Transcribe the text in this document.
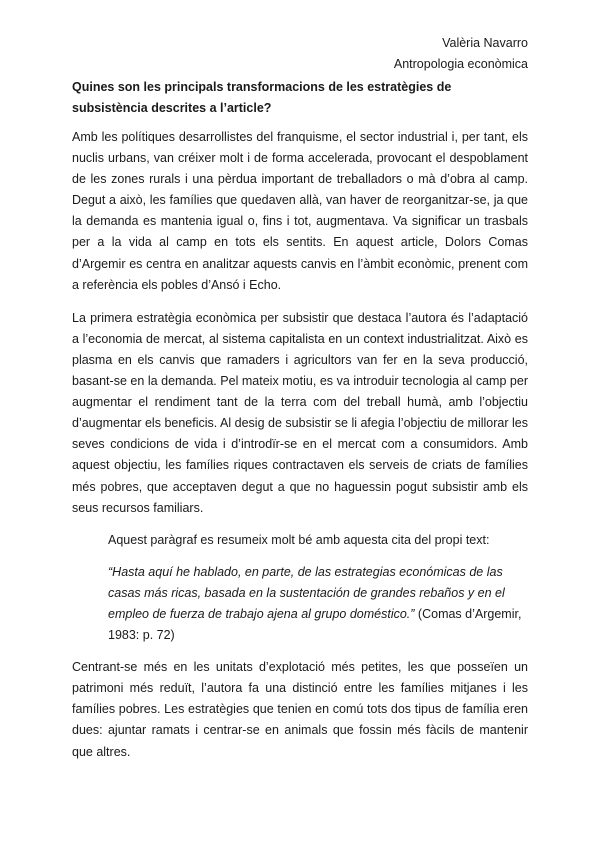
Valèria Navarro
Antropologia econòmica
Quines son les principals transformacions de les estratègies de subsistència descrites a l’article?

Amb les polítiques desarrollistes del franquisme, el sector industrial i, per tant, els nuclis urbans, van créixer molt i de forma accelerada, provocant el despoblament de les zones rurals i una pèrdua important de treballadors o mà d’obra al camp. Degut a això, les famílies que quedaven allà, van haver de reorganitzar-se, ja que la demanda es mantenia igual o, fins i tot, augmentava. Va significar un trasbals per a la vida al camp en tots els sentits. En aquest article, Dolors Comas d’Argemir es centra en analitzar aquests canvis en l’àmbit econòmic, prenent com a referència els pobles d’Ansó i Echo.

La primera estratègia econòmica per subsistir que destaca l’autora és l’adaptació a l’economia de mercat, al sistema capitalista en un context industrialitzat. Això es plasma en els canvis que ramaders i agricultors van fer en la seva producció, basant-se en la demanda. Pel mateix motiu, es va introduir tecnologia al camp per augmentar el rendiment tant de la terra com del treball humà, amb l’objectiu d’augmentar els beneficis. Al desig de subsistir se li afegia l’objectiu de millorar les seves condicions de vida i d’introdïr-se en el mercat com a consumidors. Amb aquest objectiu, les famílies riques contractaven els serveis de criats de famílies més pobres, que acceptaven degut a que no haguessin pogut subsistir amb els seus recursos familiars.

Aquest paràgraf es resumeix molt bé amb aquesta cita del propi text:

“Hasta aquí he hablado, en parte, de las estrategias económicas de las casas más ricas, basada en la sustentación de grandes rebaños y en el empleo de fuerza de trabajo ajena al grupo doméstico.” (Comas d’Argemir, 1983: p. 72)

Centrant-se més en les unitats d’explotació més petites, les que posseïen un patrimoni més reduït, l’autora fa una distinció entre les famílies mitjanes i les famílies pobres. Les estratègies que tenien en comú tots dos tipus de família eren dues: ajuntar ramats i centrar-se en animals que fossin més fàcils de mantenir que altres.
